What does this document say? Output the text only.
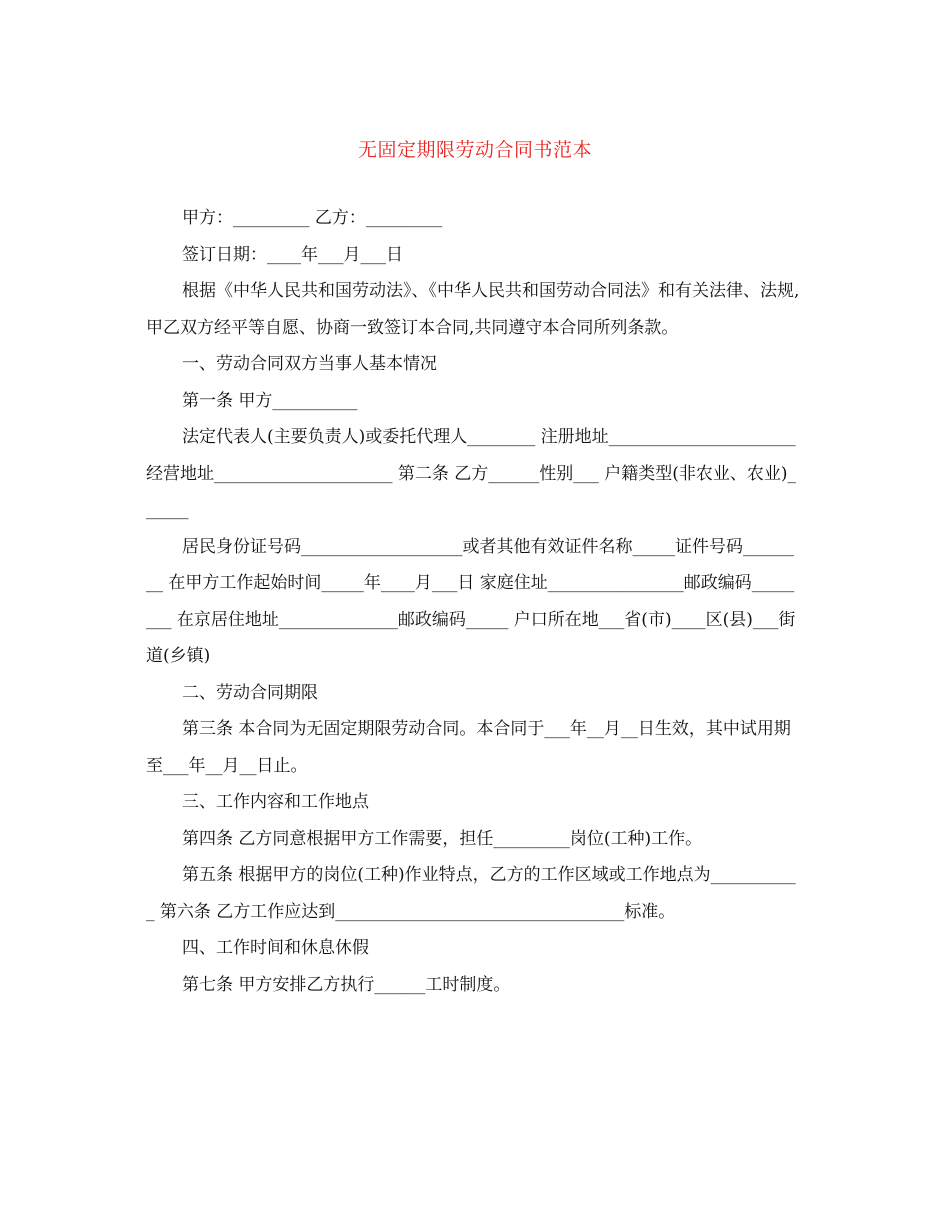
无固定期限劳动合同书范本

甲方：_________ 乙方：_________

签订日期：____年___月___日

根据《中华人民共和国劳动法》、《中华人民共和国劳动合同法》和有关法律、法规,甲乙双方经平等自愿、协商一致签订本合同,共同遵守本合同所列条款。

一、劳动合同双方当事人基本情况

第一条 甲方__________

法定代表人(主要负责人)或委托代理人________ 注册地址______________________ 经营地址_____________________ 第二条 乙方______性别___ 户籍类型(非农业、农业)______

居民身份证号码___________________或者其他有效证件名称_____证件号码________ 在甲方工作起始时间_____年____月___日 家庭住址________________邮政编码________ 在京居住地址______________邮政编码_____ 户口所在地___省(市)____区(县)___街道(乡镇)

二、劳动合同期限

第三条 本合同为无固定期限劳动合同。本合同于___年__月__日生效，其中试用期至___年__月__日止。

三、工作内容和工作地点

第四条 乙方同意根据甲方工作需要，担任_________岗位(工种)工作。

第五条 根据甲方的岗位(工种)作业特点，乙方的工作区域或工作地点为___________ 第六条 乙方工作应达到__________________________________标准。

四、工作时间和休息休假

第七条 甲方安排乙方执行______工时制度。
